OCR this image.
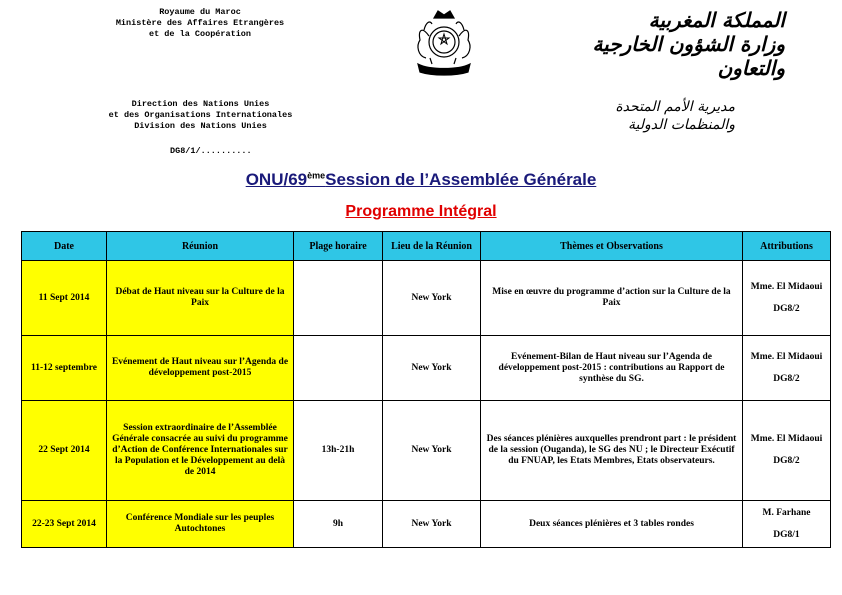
Royaume du Maroc
Ministère des Affaires Etrangères
et de la Coopération
Direction des Nations Unies
et des Organisations Internationales
Division des Nations Unies
DG8/1/..........
المملكة المغربية
وزارة الشؤون الخارجية
والتعاون
مديرية الأمم المتحدة
والمنظمات الدولية
ONU/69èmeSession de l’Assemblée Générale
Programme Intégral
Date	Réunion	Plage horaire	Lieu de la Réunion	Thèmes et Observations	Attributions
11 Sept 2014	Débat de Haut niveau sur la Culture de la Paix		New York	Mise en œuvre du programme d’action sur la Culture de la Paix	Mme. El Midaoui
DG8/2

11-12 septembre	Evénement de Haut niveau sur l’Agenda de développement post-2015		New York	Evénement-Bilan de Haut niveau sur l’Agenda de développement post-2015 : contributions au Rapport de synthèse du SG.	Mme. El Midaoui
DG8/2

22 Sept 2014	Session extraordinaire de l’Assemblée Générale consacrée au suivi du programme d’Action de Conférence Internationales sur la Population et le Développement au delà de 2014	13h-21h	New York	Des séances plénières auxquelles prendront part : le président de la session (Ouganda), le SG des NU ; le Directeur Exécutif du FNUAP, les Etats Membres, Etats observateurs.	Mme. El Midaoui
DG8/2

22-23 Sept 2014	Conférence Mondiale sur les peuples Autochtones	9h	New York	Deux séances plénières et 3 tables rondes	M. Farhane
DG8/1
